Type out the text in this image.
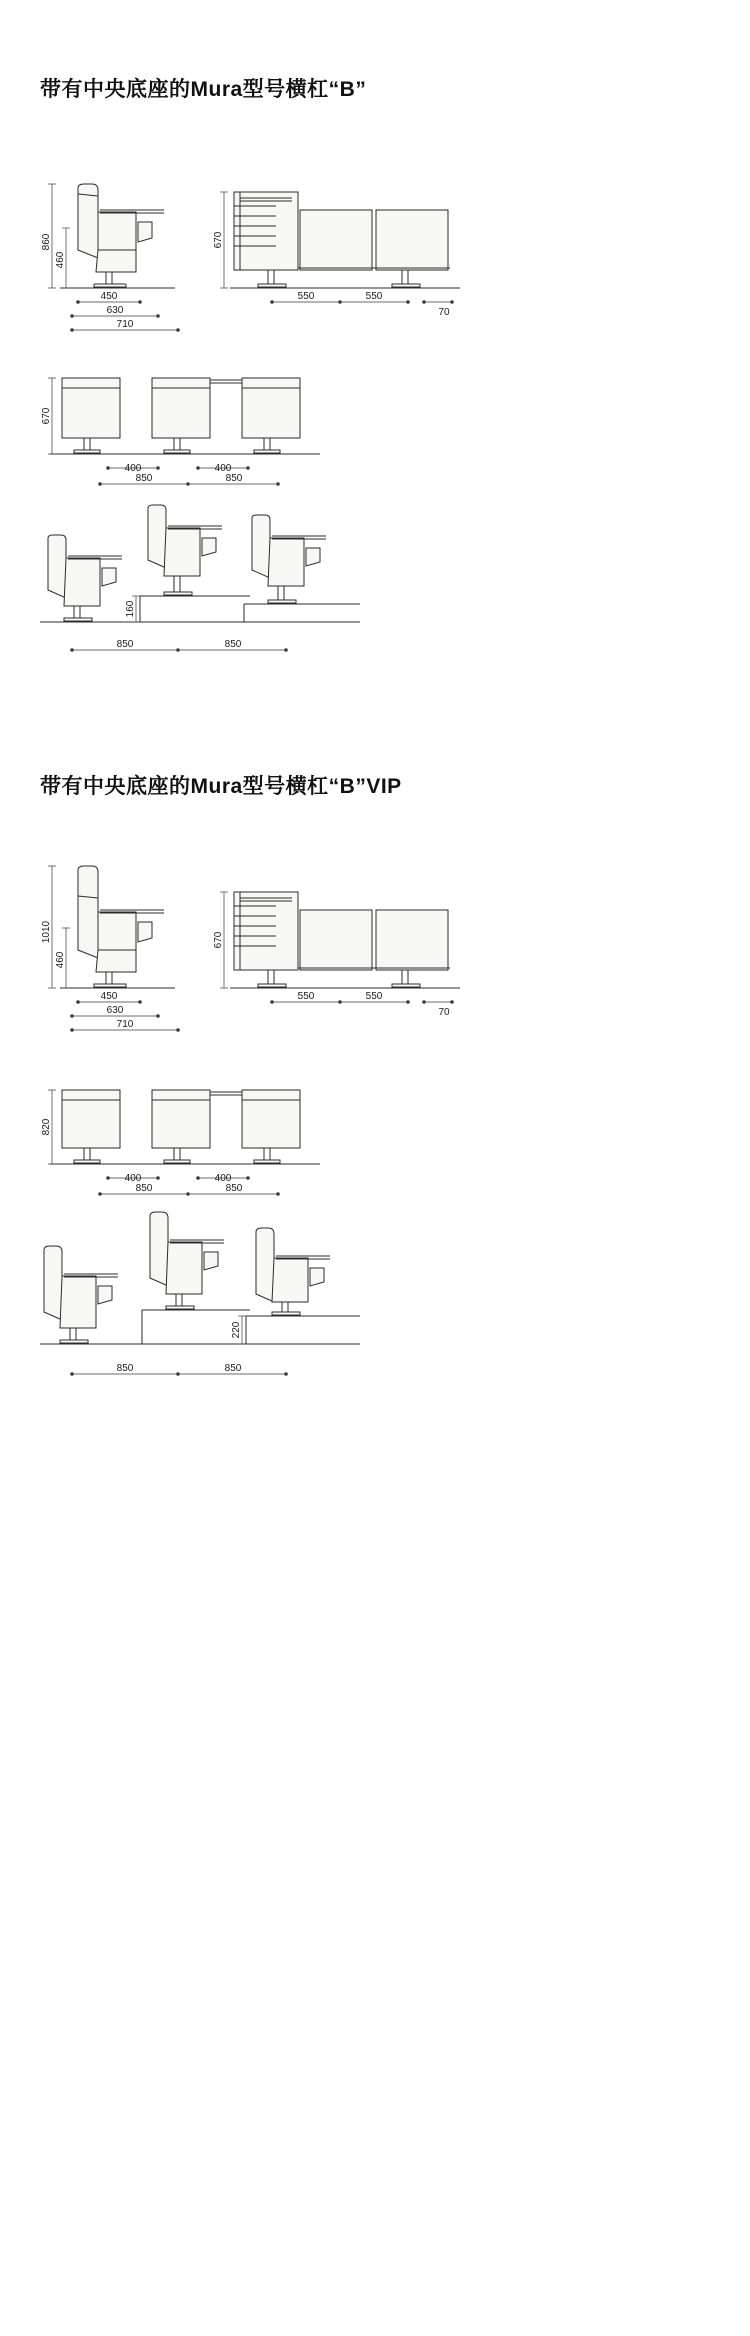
带有中央底座的Mura型号横杠“B”
带有中央底座的Mura型号横杠“B”VIP
860
460
450
630
710
670
550	550
70
670
400	400
850	850
160
850	850
1010
460
450
630
710
670
550	550
70
820
400	400
850	850
220
850	850
